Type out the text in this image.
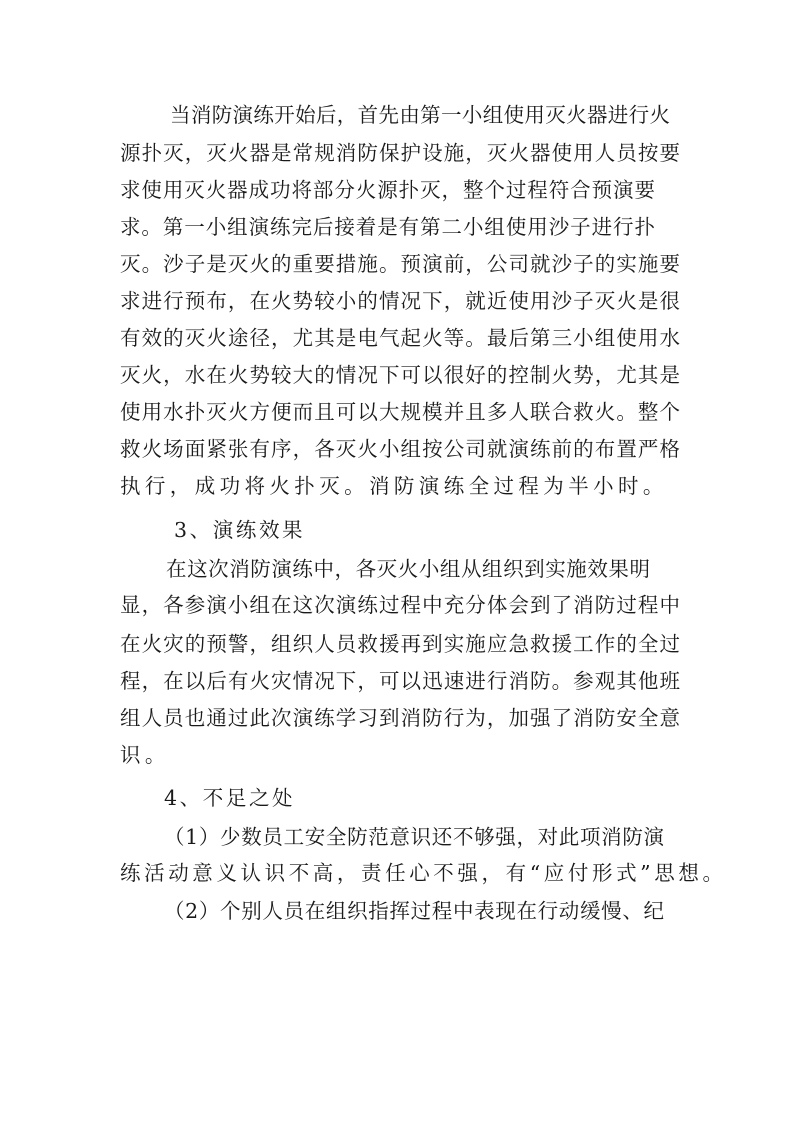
当消防演练开始后，首先由第一小组使用灭火器进行火
源扑灭，灭火器是常规消防保护设施，灭火器使用人员按要
求使用灭火器成功将部分火源扑灭，整个过程符合预演要
求。第一小组演练完后接着是有第二小组使用沙子进行扑
灭。沙子是灭火的重要措施。预演前，公司就沙子的实施要
求进行预布，在火势较小的情况下，就近使用沙子灭火是很
有效的灭火途径，尤其是电气起火等。最后第三小组使用水
灭火，水在火势较大的情况下可以很好的控制火势，尤其是
使用水扑灭火方便而且可以大规模并且多人联合救火。整个
救火场面紧张有序，各灭火小组按公司就演练前的布置严格
执行，成功将火扑灭。消防演练全过程为半小时。
3、演练效果
在这次消防演练中，各灭火小组从组织到实施效果明
显，各参演小组在这次演练过程中充分体会到了消防过程中
在火灾的预警，组织人员救援再到实施应急救援工作的全过
程，在以后有火灾情况下，可以迅速进行消防。参观其他班
组人员也通过此次演练学习到消防行为，加强了消防安全意
识。
4、不足之处
（1）少数员工安全防范意识还不够强，对此项消防演
练活动意义认识不高，责任心不强，有“应付形式”思想。
（2）个别人员在组织指挥过程中表现在行动缓慢、纪
